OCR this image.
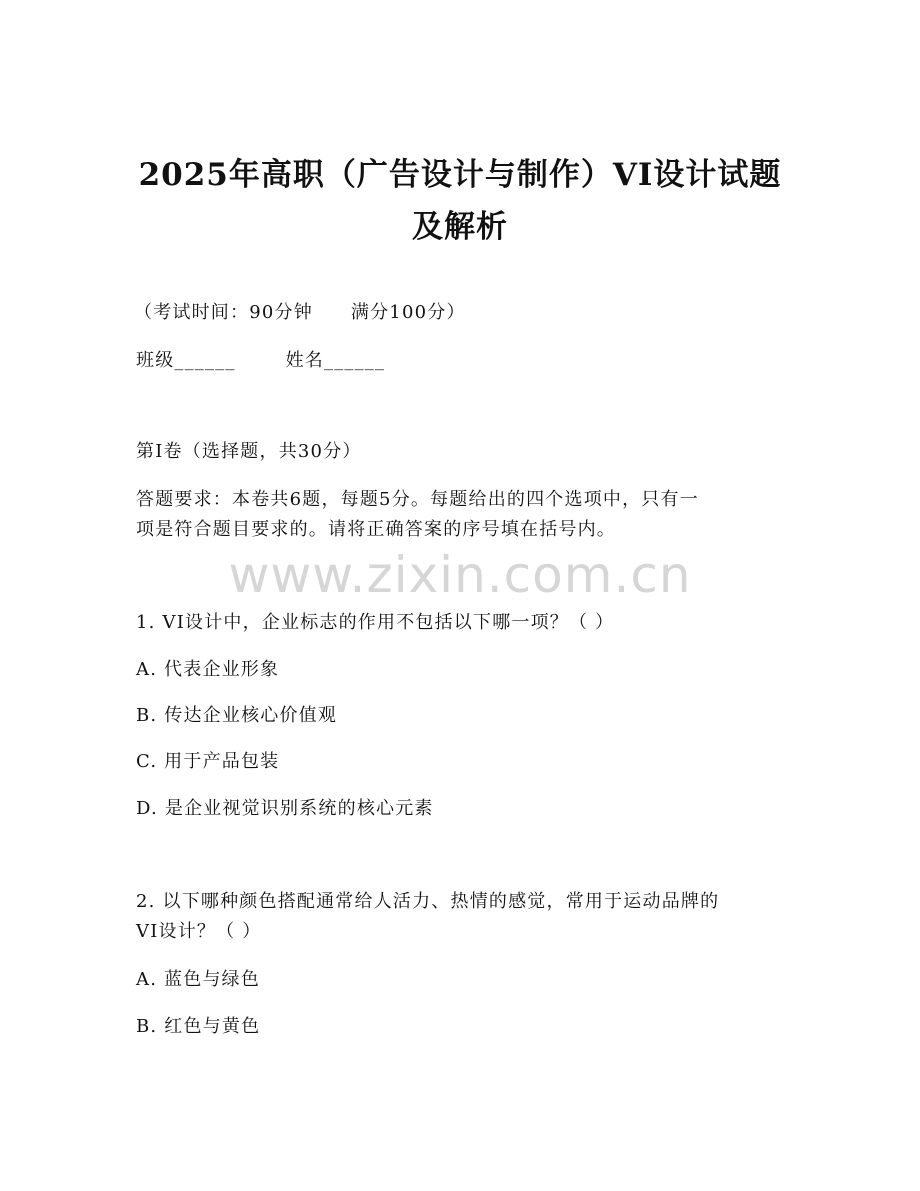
2025年高职（广告设计与制作）VI设计试题
及解析
（考试时间：90分钟 满分100分）
班级______	姓名______
第I卷（选择题，共30分）
答题要求：本卷共6题，每题5分。每题给出的四个选项中，只有一
项是符合题目要求的。请将正确答案的序号填在括号内。
www.zixin.com.cn
1. VI设计中，企业标志的作用不包括以下哪一项？（ ）
A. 代表企业形象
B. 传达企业核心价值观
C. 用于产品包装
D. 是企业视觉识别系统的核心元素
2. 以下哪种颜色搭配通常给人活力、热情的感觉，常用于运动品牌的
VI设计？（ ）
A. 蓝色与绿色
B. 红色与黄色
